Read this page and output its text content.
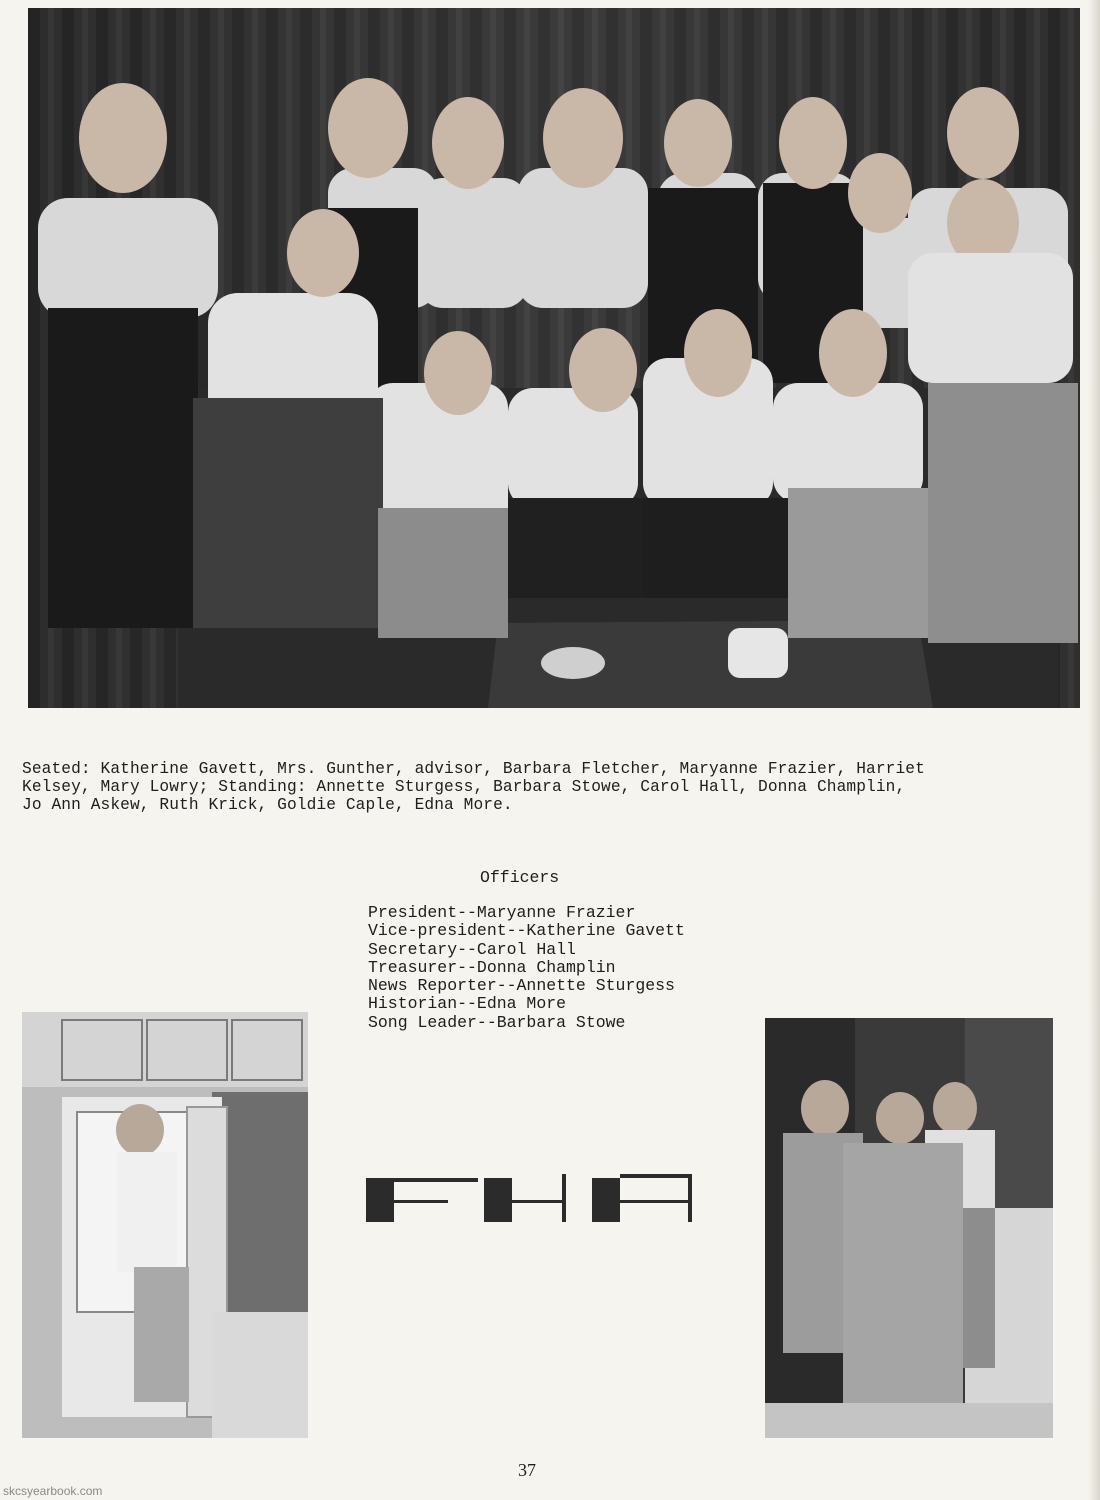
Seated: Katherine Gavett, Mrs. Gunther, advisor, Barbara Fletcher, Maryanne Frazier, Harriet
Kelsey, Mary Lowry; Standing: Annette Sturgess, Barbara Stowe, Carol Hall, Donna Champlin,
Jo Ann Askew, Ruth Krick, Goldie Caple, Edna More.
Officers
President--Maryanne Frazier
Vice-president--Katherine Gavett
Secretary--Carol Hall
Treasurer--Donna Champlin
News Reporter--Annette Sturgess
Historian--Edna More
Song Leader--Barbara Stowe
37
skcsyearbook.com
